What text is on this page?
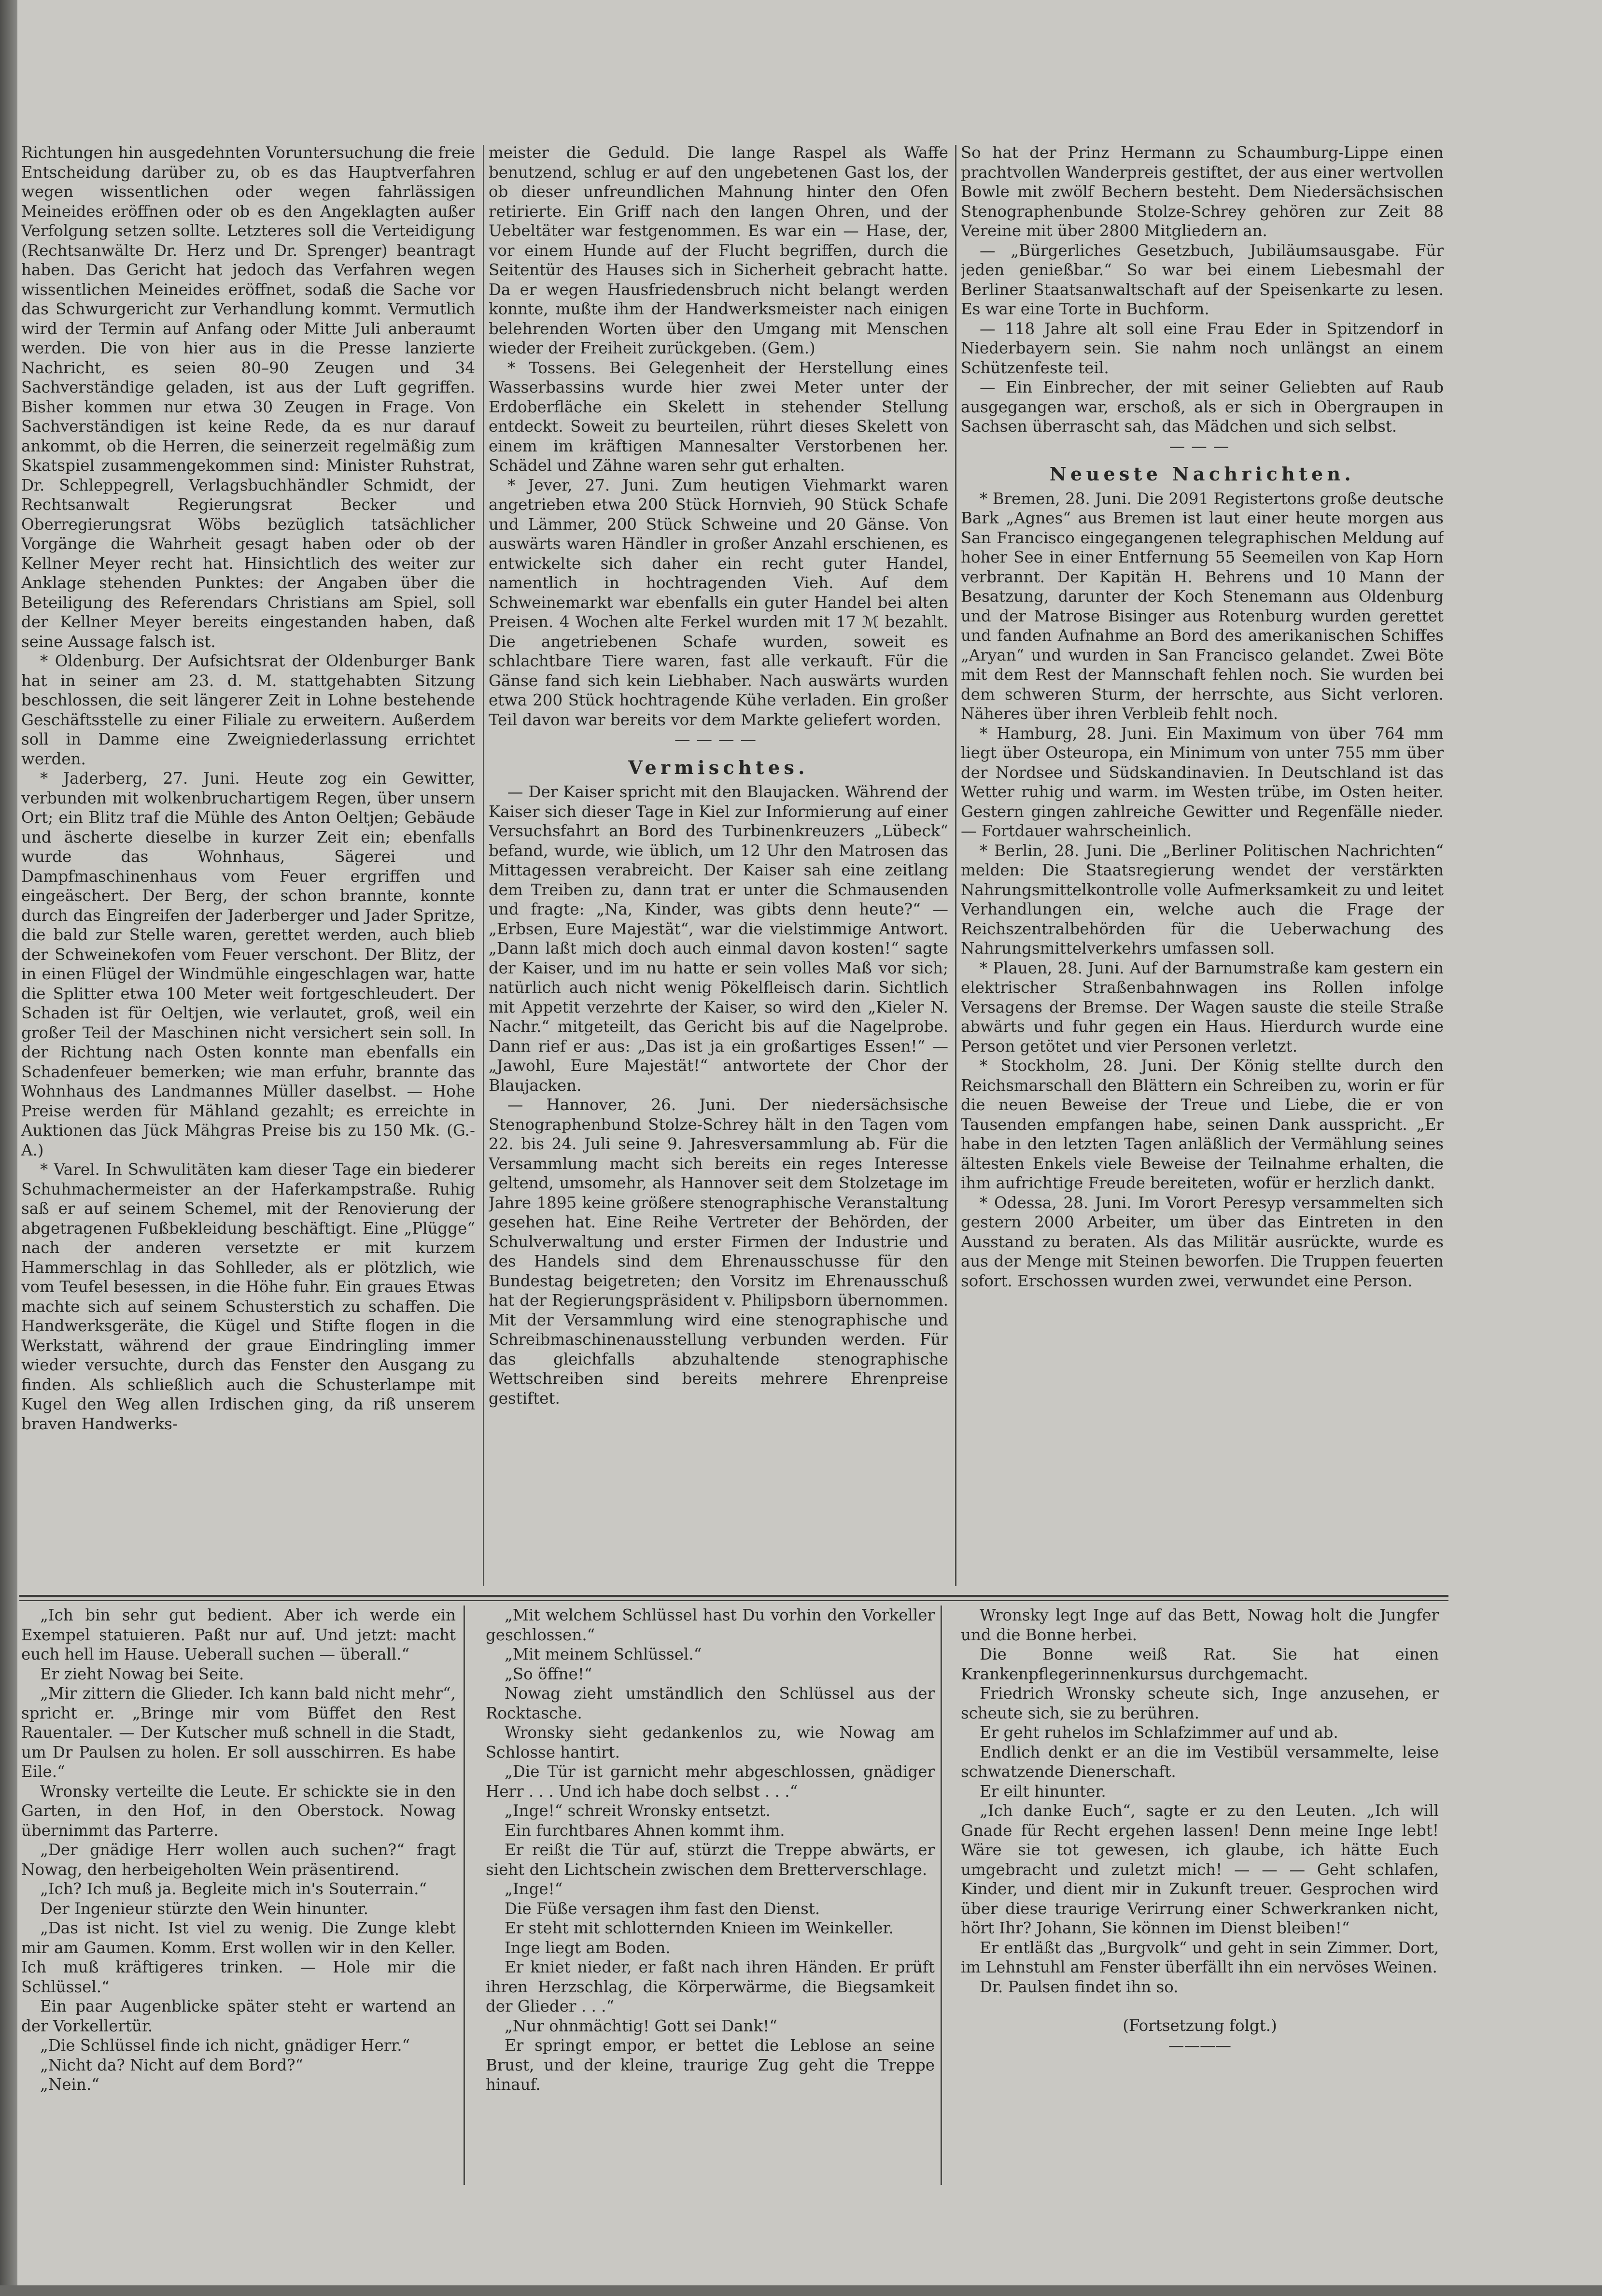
Richtungen hin ausgedehnten Voruntersuchung die freie Entscheidung darüber zu, ob es das Hauptverfahren wegen wissentlichen oder wegen fahrlässigen Meineides eröffnen oder ob es den Angeklagten außer Verfolgung setzen sollte. Letzteres soll die Verteidigung (Rechtsanwälte Dr. Herz und Dr. Sprenger) beantragt haben. Das Gericht hat jedoch das Verfahren wegen wissentlichen Meineides eröffnet, sodaß die Sache vor das Schwurgericht zur Verhandlung kommt. Vermutlich wird der Termin auf Anfang oder Mitte Juli anberaumt werden. Die von hier aus in die Presse lanzierte Nachricht, es seien 80–90 Zeugen und 34 Sachverständige geladen, ist aus der Luft gegriffen. Bisher kommen nur etwa 30 Zeugen in Frage. Von Sachverständigen ist keine Rede, da es nur darauf ankommt, ob die Herren, die seinerzeit regelmäßig zum Skatspiel zusammengekommen sind: Minister Ruhstrat, Dr. Schleppegrell, Verlagsbuchhändler Schmidt, der Rechtsanwalt Regierungsrat Becker und Oberregierungsrat Wöbs bezüglich tatsächlicher Vorgänge die Wahrheit gesagt haben oder ob der Kellner Meyer recht hat. Hinsichtlich des weiter zur Anklage stehenden Punktes: der Angaben über die Beteiligung des Referendars Christians am Spiel, soll der Kellner Meyer bereits eingestanden haben, daß seine Aussage falsch ist.

* Oldenburg. Der Aufsichtsrat der Oldenburger Bank hat in seiner am 23. d. M. stattgehabten Sitzung beschlossen, die seit längerer Zeit in Lohne bestehende Geschäftsstelle zu einer Filiale zu erweitern. Außerdem soll in Damme eine Zweigniederlassung errichtet werden.

* Jaderberg, 27. Juni. Heute zog ein Gewitter, verbunden mit wolkenbruchartigem Regen, über unsern Ort; ein Blitz traf die Mühle des Anton Oeltjen; Gebäude und äscherte dieselbe in kurzer Zeit ein; ebenfalls wurde das Wohnhaus, Sägerei und Dampfmaschinenhaus vom Feuer ergriffen und eingeäschert. Der Berg, der schon brannte, konnte durch das Eingreifen der Jaderberger und Jader Spritze, die bald zur Stelle waren, gerettet werden, auch blieb der Schweinekofen vom Feuer verschont. Der Blitz, der in einen Flügel der Windmühle eingeschlagen war, hatte die Splitter etwa 100 Meter weit fortgeschleudert. Der Schaden ist für Oeltjen, wie verlautet, groß, weil ein großer Teil der Maschinen nicht versichert sein soll. In der Richtung nach Osten konnte man ebenfalls ein Schadenfeuer bemerken; wie man erfuhr, brannte das Wohnhaus des Landmannes Müller daselbst. — Hohe Preise werden für Mähland gezahlt; es erreichte in Auktionen das Jück Mähgras Preise bis zu 150 Mk. (G.-A.)

* Varel. In Schwulitäten kam dieser Tage ein biederer Schuhmachermeister an der Haferkampstraße. Ruhig saß er auf seinem Schemel, mit der Renovierung der abgetragenen Fußbekleidung beschäftigt. Eine „Plügge“ nach der anderen versetzte er mit kurzem Hammerschlag in das Sohlleder, als er plötzlich, wie vom Teufel besessen, in die Höhe fuhr. Ein graues Etwas machte sich auf seinem Schusterstich zu schaffen. Die Handwerksgeräte, die Kügel und Stifte flogen in die Werkstatt, während der graue Eindringling immer wieder versuchte, durch das Fenster den Ausgang zu finden. Als schließlich auch die Schusterlampe mit Kugel den Weg allen Irdischen ging, da riß unserem braven Handwerks-

meister die Geduld. Die lange Raspel als Waffe benutzend, schlug er auf den ungebetenen Gast los, der ob dieser unfreundlichen Mahnung hinter den Ofen retirierte. Ein Griff nach den langen Ohren, und der Uebeltäter war festgenommen. Es war ein — Hase, der, vor einem Hunde auf der Flucht begriffen, durch die Seitentür des Hauses sich in Sicherheit gebracht hatte. Da er wegen Hausfriedensbruch nicht belangt werden konnte, mußte ihm der Handwerksmeister nach einigen belehrenden Worten über den Umgang mit Menschen wieder der Freiheit zurückgeben. (Gem.)

* Tossens. Bei Gelegenheit der Herstellung eines Wasserbassins wurde hier zwei Meter unter der Erdoberfläche ein Skelett in stehender Stellung entdeckt. Soweit zu beurteilen, rührt dieses Skelett von einem im kräftigen Mannesalter Verstorbenen her. Schädel und Zähne waren sehr gut erhalten.

* Jever, 27. Juni. Zum heutigen Viehmarkt waren angetrieben etwa 200 Stück Hornvieh, 90 Stück Schafe und Lämmer, 200 Stück Schweine und 20 Gänse. Von auswärts waren Händler in großer Anzahl erschienen, es entwickelte sich daher ein recht guter Handel, namentlich in hochtragenden Vieh. Auf dem Schweinemarkt war ebenfalls ein guter Handel bei alten Preisen. 4 Wochen alte Ferkel wurden mit 17 ℳ bezahlt. Die angetriebenen Schafe wurden, soweit es schlachtbare Tiere waren, fast alle verkauft. Für die Gänse fand sich kein Liebhaber. Nach auswärts wurden etwa 200 Stück hochtragende Kühe verladen. Ein großer Teil davon war bereits vor dem Markte geliefert worden.

————

Vermischtes.

— Der Kaiser spricht mit den Blaujacken. Während der Kaiser sich dieser Tage in Kiel zur Informierung auf einer Versuchsfahrt an Bord des Turbinenkreuzers „Lübeck“ befand, wurde, wie üblich, um 12 Uhr den Matrosen das Mittagessen verabreicht. Der Kaiser sah eine zeitlang dem Treiben zu, dann trat er unter die Schmausenden und fragte: „Na, Kinder, was gibts denn heute?“ — „Erbsen, Eure Majestät“, war die vielstimmige Antwort. „Dann laßt mich doch auch einmal davon kosten!“ sagte der Kaiser, und im nu hatte er sein volles Maß vor sich; natürlich auch nicht wenig Pökelfleisch darin. Sichtlich mit Appetit verzehrte der Kaiser, so wird den „Kieler N. Nachr.“ mitgeteilt, das Gericht bis auf die Nagelprobe. Dann rief er aus: „Das ist ja ein großartiges Essen!“ — „Jawohl, Eure Majestät!“ antwortete der Chor der Blaujacken.

— Hannover, 26. Juni. Der niedersächsische Stenographenbund Stolze-Schrey hält in den Tagen vom 22. bis 24. Juli seine 9. Jahresversammlung ab. Für die Versammlung macht sich bereits ein reges Interesse geltend, umsomehr, als Hannover seit dem Stolzetage im Jahre 1895 keine größere stenographische Veranstaltung gesehen hat. Eine Reihe Vertreter der Behörden, der Schulverwaltung und erster Firmen der Industrie und des Handels sind dem Ehrenausschusse für den Bundestag beigetreten; den Vorsitz im Ehrenausschuß hat der Regierungspräsident v. Philipsborn übernommen. Mit der Versammlung wird eine stenographische und Schreibmaschinenausstellung verbunden werden. Für das gleichfalls abzuhaltende stenographische Wettschreiben sind bereits mehrere Ehrenpreise gestiftet.

So hat der Prinz Hermann zu Schaumburg-Lippe einen prachtvollen Wanderpreis gestiftet, der aus einer wertvollen Bowle mit zwölf Bechern besteht. Dem Niedersächsischen Stenographenbunde Stolze-Schrey gehören zur Zeit 88 Vereine mit über 2800 Mitgliedern an.

— „Bürgerliches Gesetzbuch, Jubiläumsausgabe. Für jeden genießbar.“ So war bei einem Liebesmahl der Berliner Staatsanwaltschaft auf der Speisenkarte zu lesen. Es war eine Torte in Buchform.

— 118 Jahre alt soll eine Frau Eder in Spitzendorf in Niederbayern sein. Sie nahm noch unlängst an einem Schützenfeste teil.

— Ein Einbrecher, der mit seiner Geliebten auf Raub ausgegangen war, erschoß, als er sich in Obergraupen in Sachsen überrascht sah, das Mädchen und sich selbst.

———

Neueste Nachrichten.

* Bremen, 28. Juni. Die 2091 Registertons große deutsche Bark „Agnes“ aus Bremen ist laut einer heute morgen aus San Francisco eingegangenen telegraphischen Meldung auf hoher See in einer Entfernung 55 Seemeilen von Kap Horn verbrannt. Der Kapitän H. Behrens und 10 Mann der Besatzung, darunter der Koch Stenemann aus Oldenburg und der Matrose Bisinger aus Rotenburg wurden gerettet und fanden Aufnahme an Bord des amerikanischen Schiffes „Aryan“ und wurden in San Francisco gelandet. Zwei Böte mit dem Rest der Mannschaft fehlen noch. Sie wurden bei dem schweren Sturm, der herrschte, aus Sicht verloren. Näheres über ihren Verbleib fehlt noch.

* Hamburg, 28. Juni. Ein Maximum von über 764 mm liegt über Osteuropa, ein Minimum von unter 755 mm über der Nordsee und Südskandinavien. In Deutschland ist das Wetter ruhig und warm. im Westen trübe, im Osten heiter. Gestern gingen zahlreiche Gewitter und Regenfälle nieder. — Fortdauer wahrscheinlich.

* Berlin, 28. Juni. Die „Berliner Politischen Nachrichten“ melden: Die Staatsregierung wendet der verstärkten Nahrungsmittelkontrolle volle Aufmerksamkeit zu und leitet Verhandlungen ein, welche auch die Frage der Reichszentralbehörden für die Ueberwachung des Nahrungsmittelverkehrs umfassen soll.

* Plauen, 28. Juni. Auf der Barnumstraße kam gestern ein elektrischer Straßenbahnwagen ins Rollen infolge Versagens der Bremse. Der Wagen sauste die steile Straße abwärts und fuhr gegen ein Haus. Hierdurch wurde eine Person getötet und vier Personen verletzt.

* Stockholm, 28. Juni. Der König stellte durch den Reichsmarschall den Blättern ein Schreiben zu, worin er für die neuen Beweise der Treue und Liebe, die er von Tausenden empfangen habe, seinen Dank ausspricht. „Er habe in den letzten Tagen anläßlich der Vermählung seines ältesten Enkels viele Beweise der Teilnahme erhalten, die ihm aufrichtige Freude bereiteten, wofür er herzlich dankt.

* Odessa, 28. Juni. Im Vorort Peresyp versammelten sich gestern 2000 Arbeiter, um über das Eintreten in den Ausstand zu beraten. Als das Militär ausrückte, wurde es aus der Menge mit Steinen beworfen. Die Truppen feuerten sofort. Erschossen wurden zwei, verwundet eine Person.

„Ich bin sehr gut bedient. Aber ich werde ein Exempel statuieren. Paßt nur auf. Und jetzt: macht euch hell im Hause. Ueberall suchen — überall.“

Er zieht Nowag bei Seite.

„Mir zittern die Glieder. Ich kann bald nicht mehr“, spricht er. „Bringe mir vom Büffet den Rest Rauentaler. — Der Kutscher muß schnell in die Stadt, um Dr Paulsen zu holen. Er soll ausschirren. Es habe Eile.“

Wronsky verteilte die Leute. Er schickte sie in den Garten, in den Hof, in den Oberstock. Nowag übernimmt das Parterre.

„Der gnädige Herr wollen auch suchen?“ fragt Nowag, den herbeigeholten Wein präsentirend.

„Ich? Ich muß ja. Begleite mich in's Souterrain.“

Der Ingenieur stürzte den Wein hinunter.

„Das ist nicht. Ist viel zu wenig. Die Zunge klebt mir am Gaumen. Komm. Erst wollen wir in den Keller. Ich muß kräftigeres trinken. — Hole mir die Schlüssel.“

Ein paar Augenblicke später steht er wartend an der Vorkellertür.

„Die Schlüssel finde ich nicht, gnädiger Herr.“

„Nicht da? Nicht auf dem Bord?“

„Nein.“

„Mit welchem Schlüssel hast Du vorhin den Vorkeller geschlossen.“

„Mit meinem Schlüssel.“

„So öffne!“

Nowag zieht umständlich den Schlüssel aus der Rocktasche.

Wronsky sieht gedankenlos zu, wie Nowag am Schlosse hantirt.

„Die Tür ist garnicht mehr abgeschlossen, gnädiger Herr . . . Und ich habe doch selbst . . .“

„Inge!“ schreit Wronsky entsetzt.

Ein furchtbares Ahnen kommt ihm.

Er reißt die Tür auf, stürzt die Treppe abwärts, er sieht den Lichtschein zwischen dem Bretterverschlage.

„Inge!“

Die Füße versagen ihm fast den Dienst.

Er steht mit schlotternden Knieen im Weinkeller.

Inge liegt am Boden.

Er kniet nieder, er faßt nach ihren Händen. Er prüft ihren Herzschlag, die Körperwärme, die Biegsamkeit der Glieder . . .“

„Nur ohnmächtig! Gott sei Dank!“

Er springt empor, er bettet die Leblose an seine Brust, und der kleine, traurige Zug geht die Treppe hinauf.

Wronsky legt Inge auf das Bett, Nowag holt die Jungfer und die Bonne herbei.

Die Bonne weiß Rat. Sie hat einen Krankenpflegerinnenkursus durchgemacht.

Friedrich Wronsky scheute sich, Inge anzusehen, er scheute sich, sie zu berühren.

Er geht ruhelos im Schlafzimmer auf und ab.

Endlich denkt er an die im Vestibül versammelte, leise schwatzende Dienerschaft.

Er eilt hinunter.

„Ich danke Euch“, sagte er zu den Leuten. „Ich will Gnade für Recht ergehen lassen! Denn meine Inge lebt! Wäre sie tot gewesen, ich glaube, ich hätte Euch umgebracht und zuletzt mich! — — — Geht schlafen, Kinder, und dient mir in Zukunft treuer. Gesprochen wird über diese traurige Verirrung einer Schwerkranken nicht, hört Ihr? Johann, Sie können im Dienst bleiben!“

Er entläßt das „Burgvolk“ und geht in sein Zimmer. Dort, im Lehnstuhl am Fenster überfällt ihn ein nervöses Weinen.

Dr. Paulsen findet ihn so.

(Fortsetzung folgt.)

————
